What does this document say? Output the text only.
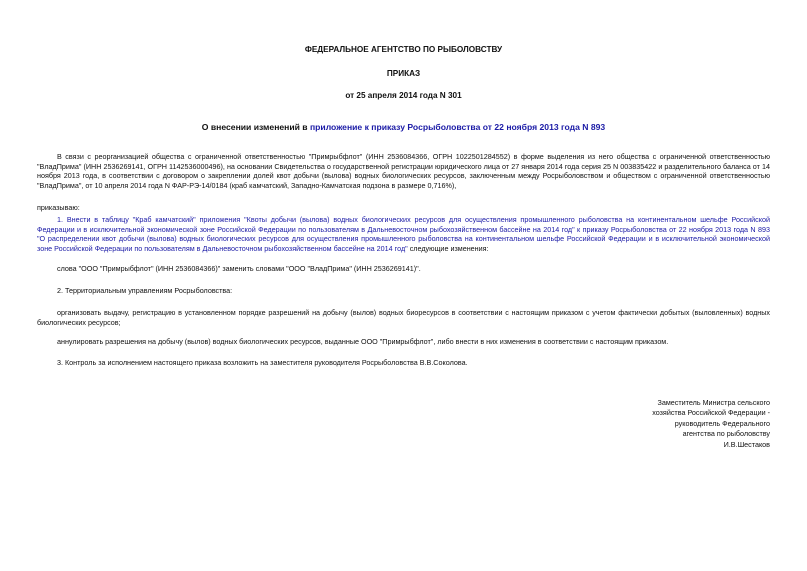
ФЕДЕРАЛЬНОЕ АГЕНТСТВО ПО РЫБОЛОВСТВУ
ПРИКАЗ
от 25 апреля 2014 года N 301
О внесении изменений в приложение к приказу Росрыболовства от 22 ноября 2013 года N 893
В связи с реорганизацией общества с ограниченной ответственностью "Примрыбфлот" (ИНН 2536084366, ОГРН 1022501284552) в форме выделения из него общества с ограниченной ответственностью "ВладПрима" (ИНН 2536269141, ОГРН 1142536000496), на основании Свидетельства о государственной регистрации юридического лица от 27 января 2014 года серия 25 N 003835422 и разделительного баланса от 14 ноября 2013 года, в соответствии с договором о закреплении долей квот добычи (вылова) водных биологических ресурсов, заключенным между Росрыболовством и обществом с ограниченной ответственностью "ВладПрима", от 10 апреля 2014 года N ФАР-РЭ-14/0184 (краб камчатский, Западно-Камчатская подзона в размере 0,716%),
приказываю:
1. Внести в таблицу "Краб камчатский" приложения "Квоты добычи (вылова) водных биологических ресурсов для осуществления промышленного рыболовства на континентальном шельфе Российской Федерации и в исключительной экономической зоне Российской Федерации по пользователям в Дальневосточном рыбохозяйственном бассейне на 2014 год" к приказу Росрыболовства от 22 ноября 2013 года N 893 "О распределении квот добычи (вылова) водных биологических ресурсов для осуществления промышленного рыболовства на континентальном шельфе Российской Федерации и в исключительной экономической зоне Российской Федерации по пользователям в Дальневосточном рыбохозяйственном бассейне на 2014 год" следующие изменения:
слова "ООО "Примрыбфлот" (ИНН 2536084366)" заменить словами "ООО "ВладПрима" (ИНН 2536269141)".
2. Территориальным управлениям Росрыболовства:
организовать выдачу, регистрацию в установленном порядке разрешений на добычу (вылов) водных биоресурсов в соответствии с настоящим приказом с учетом фактически добытых (выловленных) водных биологических ресурсов;
аннулировать разрешения на добычу (вылов) водных биологических ресурсов, выданные ООО "Примрыбфлот", либо внести в них изменения в соответствии с настоящим приказом.
3. Контроль за исполнением настоящего приказа возложить на заместителя руководителя Росрыболовства В.В.Соколова.
Заместитель Министра сельского
хозяйства Российской Федерации -
руководитель Федерального
агентства по рыболовству
И.В.Шестаков
